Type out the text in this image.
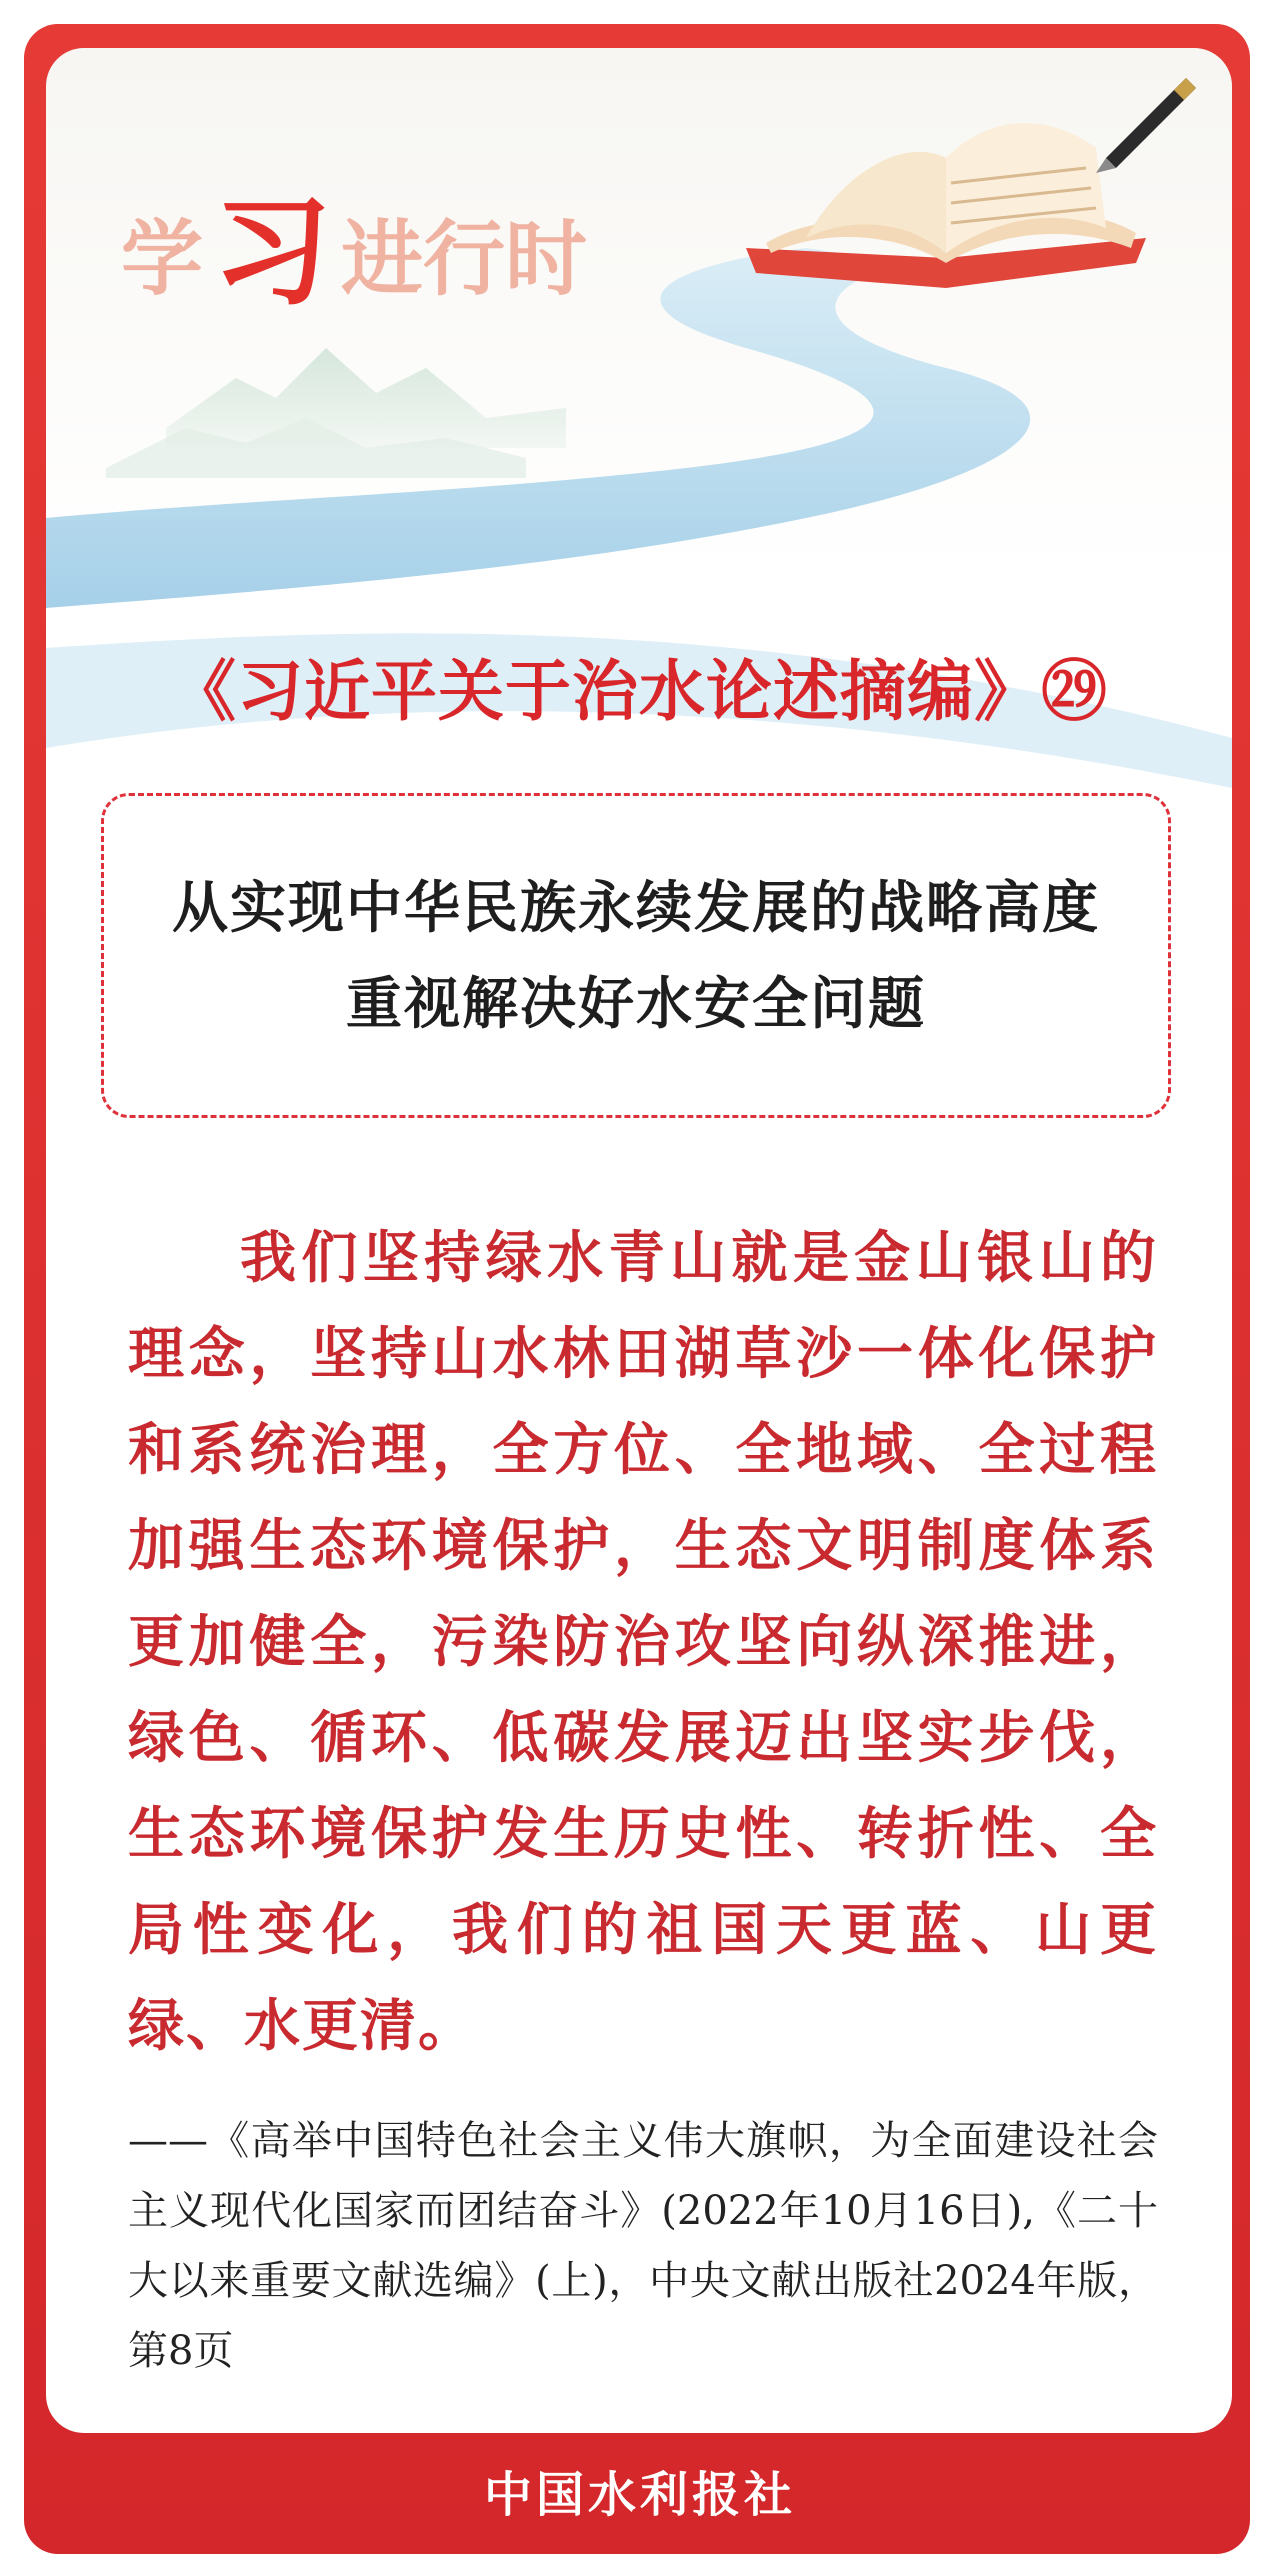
学 习 进行时
《习近平关于治水论述摘编》㉙
从实现中华民族永续发展的战略高度
重视解决好水安全问题
我们坚持绿水青山就是金山银山的理念，坚持山水林田湖草沙一体化保护和系统治理，全方位、全地域、全过程加强生态环境保护，生态文明制度体系更加健全，污染防治攻坚向纵深推进，绿色、循环、低碳发展迈出坚实步伐，生态环境保护发生历史性、转折性、全局性变化，我们的祖国天更蓝、山更绿、水更清。
——《高举中国特色社会主义伟大旗帜，为全面建设社会主义现代化国家而团结奋斗》(2022年10月16日),《二十大以来重要文献选编》(上)，中央文献出版社2024年版，第8页
中国水利报社
